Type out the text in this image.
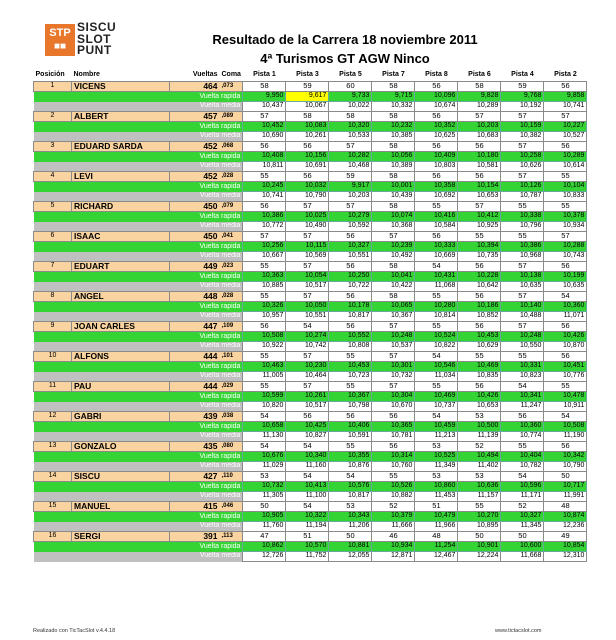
STP
■■
SISCU
SLOT
PUNT
Resultado de la Carrera 18 noviembre 2011
4ª Turismos GT AGW Ninco
Posición	Nombre	Vueltas	Coma	Pista 1	Pista 3	Pista 5	Pista 7	Pista 8	Pista 6	Pista 4	Pista 2
1	VICENS	464	,073	58	59	60	58	56	58	59	56
Vuelta rapida				9,950	9,617	9,733	9,715	10,096	9,828	9,768	9,858
Vuelta media				10,437	10,067	10,022	10,332	10,674	10,289	10,192	10,741
2	ALBERT	457	,089	57	58	58	58	56	57	57	57
Vuelta rapida				10,452	10,083	10,320	10,232	10,352	10,203	10,159	10,227
Vuelta media				10,690	10,261	10,533	10,385	10,625	10,683	10,382	10,527
3	EDUARD SARDA	452	,068	56	56	57	58	56	56	57	56
Vuelta rapida				10,408	10,156	10,282	10,056	10,409	10,180	10,258	10,289
Vuelta media				10,811	10,691	10,468	10,389	10,803	10,581	10,626	10,614
4	LEVI	452	,028	55	56	59	58	56	56	57	55
Vuelta rapida				10,245	10,032	9,917	10,001	10,358	10,154	10,126	10,104
Vuelta media				10,741	10,790	10,203	10,439	10,692	10,653	10,787	10,833
5	RICHARD	450	,079	56	57	57	58	55	57	55	55
Vuelta rapida				10,386	10,025	10,279	10,074	10,416	10,412	10,338	10,378
Vuelta media				10,772	10,490	10,592	10,368	10,584	10,925	10,796	10,934
6	ISAAC	450	,041	57	57	56	57	56	55	55	57
Vuelta rapida				10,256	10,115	10,327	10,239	10,333	10,394	10,386	10,288
Vuelta media				10,667	10,569	10,551	10,492	10,669	10,735	10,968	10,743
7	EDUART	449	,023	55	57	56	58	54	56	57	56
Vuelta rapida				10,363	10,054	10,250	10,041	10,431	10,228	10,138	10,199
Vuelta media				10,885	10,517	10,722	10,422	11,068	10,642	10,635	10,635
8	ANGEL	448	,028	55	57	56	58	55	56	57	54
Vuelta rapida				10,326	10,050	10,178	10,065	10,280	10,186	10,140	10,360
Vuelta media				10,957	10,551	10,817	10,367	10,814	10,852	10,488	11,071
9	JOAN CARLES	447	,109	56	54	56	57	55	56	57	56
Vuelta rapida				10,508	10,274	10,552	10,248	10,524	10,453	10,248	10,426
Vuelta media				10,922	10,742	10,808	10,537	10,822	10,629	10,550	10,870
10	ALFONS	444	,101	55	57	55	57	54	55	55	56
Vuelta rapida				10,463	10,230	10,453	10,301	10,546	10,469	10,331	10,451
Vuelta media				11,005	10,464	10,723	10,732	11,034	10,835	10,823	10,776
11	PAU	444	,029	55	57	55	57	55	56	54	55
Vuelta rapida				10,599	10,261	10,367	10,304	10,469	10,426	10,341	10,478
Vuelta media				10,820	10,517	10,798	10,670	10,737	10,653	11,247	10,911
12	GABRI	439	,038	54	56	56	56	54	53	56	54
Vuelta rapida				10,658	10,425	10,406	10,365	10,459	10,500	10,360	10,508
Vuelta media				11,130	10,827	10,591	10,781	11,213	11,139	10,774	11,190
13	GONZALO	435	,080	54	54	55	56	53	52	55	56
Vuelta rapida				10,676	10,340	10,355	10,314	10,525	10,494	10,404	10,342
Vuelta media				11,029	11,160	10,876	10,760	11,349	11,402	10,782	10,790
14	SISCU	427	,110	53	54	54	55	53	53	54	50
Vuelta rapida				10,732	10,413	10,576	10,526	10,860	10,636	10,596	10,717
Vuelta media				11,305	11,100	10,817	10,882	11,453	11,157	11,171	11,991
15	MANUEL	415	,046	50	54	53	52	51	55	52	48
Vuelta rapida				10,905	10,322	10,343	10,379	10,479	10,270	10,327	10,874
Vuelta media				11,760	11,194	11,206	11,666	11,966	10,895	11,345	12,236
16	SERGI	391	,113	47	51	50	46	48	50	50	49
Vuelta rapida				10,862	10,570	10,881	10,934	11,254	10,901	10,600	10,854
Vuelta media				12,726	11,752	12,055	12,871	12,467	12,224	11,668	12,310
Realizado con TicTacSlot v.4.4.18	www.tictacslot.com
